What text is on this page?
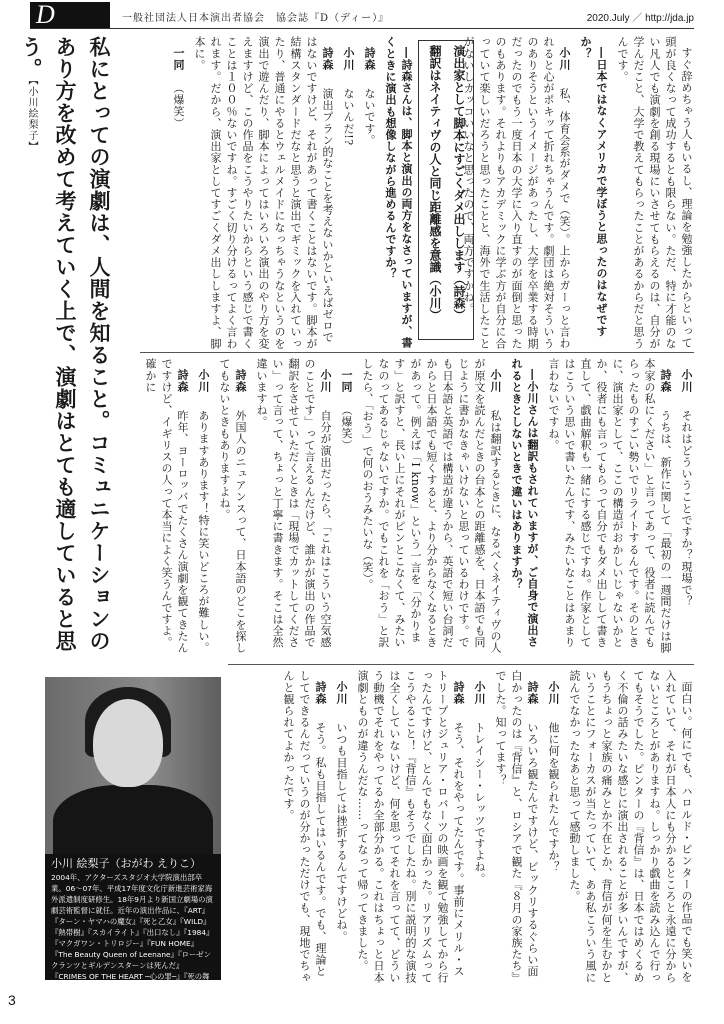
D	一般社団法人日本演出者協会　協会誌『D（ディー）』	2020.July ／ http://jda.jp

すぐ辞めちゃう人もいるし、理論を勉強したからといって頭が良くなって成功するとも限らない。ただ、特に才能のない凡人でも演劇を創る現場にいさせてもらえるのは、自分が学んだこと、大学で教えてもらったことがあるからだと思うんです。

―日本ではなくアメリカで学ぼうと思ったのはなぜですか？

小川　私、体育会系がダメで（笑）。上からガーっと言われると心がポキッて折れちゃうんです。劇団は絶対そういうのありそうというイメージがあったし、大学を卒業する時期だったのでもう一度日本の大学に入り直すのが面倒と思ったのもあります。それよりもアカデミックに学ぶ方が自分に合っていて楽しいだろうと思ったことと、海外で生活したことがないしカッコいいなと思ったので、両方ですかね。

演出家として脚本にすごくダメ出しします（詩森）
翻訳はネイティヴの人と同じ距離感を意識（小川）

―詩森さんは、脚本と演出の両方をなさっていますが、書くときに演出も想像しながら進めるんですか？

詩森　ないです。

小川　ないんだ!?

詩森　演出プラン的なことを考えないかといえばゼロではないですけど、それがあって書くことはないです。脚本が結構スタンダードだなと思うと演出でギミックを入れていったり、普通にやるとウェルメイドになっちゃうなというのを演出で遊んだり、脚本によってはいろいろ演出のやり方を変えますけど、この作品をこうやりたいからという感じで書くことは１００％ないですね。すごく切り分けるってよく言われます。だから、演出家としてすごくダメ出ししますよ、脚本に。

一同　（爆笑）

私にとっての演劇は、人間を知ること。コミュニケーションのあり方を改めて考えていく上で、演劇はとても適していると思う。【小川絵梨子】

小川　それはどういうことですか？現場で？

詩森　うちは、新作に関して「最初の一週間だけは脚本家の私にください」と言ってあって、役者に読んでもらったものすごい勢いでリライトするんです。そのときに、演出家として、ここの構造がおかしいじゃないかとか、役者にも言ってもらって自分でもダメ出しして書き直して、戯曲解釈も一緒にする感じですね。作家としてはこういう思いで書いたんです、みたいなことはあまり言わないですね。

―小川さんは翻訳もされていますが、ご自身で演出されるときとしないときで違いはありますか？

小川　私は翻訳するときに、なるべくネイティヴの人が原文を読んだときの台本との距離感を、日本語でも同じように書かなきゃいけないと思っているわけです。でも日本語と英語では構造が違うから、英語で短い台詞だからと日本語でも短くすると、より分からなくなるときがあって。例えば「I know」という一言を「分かります」と訳すと、長い上にそれがピンとこなくて、みたいなのってあるじゃないですか。でもこれを「おう」と訳したら、「おう」で何のおうみたいな（笑）。

一同　（爆笑）

小川　自分が演出だったら、「これはこういう空気感のことです」って言えるんだけど、誰かが演出の作品で翻訳をさせていただくときは「現場でカットしてください」って言って、ちょっと丁寧に書きます。そこは全然違いますね。

詩森　外国人のニュアンスって、日本語のどこを探してもないときもありますよね。

小川　ありますあります！特に笑いどころが難しい。

詩森　昨年、ヨーロッパでたくさん演劇を観てきたんですけど、イギリスの人って本当によく笑うんですよ。確かに

面白い。何にでも、ハロルド・ピンターの作品でも笑いを入れていて、それが日本人にも分かるところと永遠に分からないところとがありますね。しっかり戯曲を読み込んで行ってもそうでした。ピンターの『背信』は、日本ではめくるめく不倫の話みたいな感じに演出されることが多いんですが、もうちょっと家族の痛みとか不在とか、背信が何を生むかということにフォーカスが当たっていて、ああ私こういう風に読んでなかったなあと思って感動しました。

小川　他に何を観られたんですか？

詩森　いろいろ観たんですけど、ビックリするぐらい面白かったのは『背信』と、ロシアで観た『８月の家族たち』でした。知ってます？

小川　トレイシー・レッツですよね。

詩森　そう、それをやってたんです。事前にメリル・ストリープとジュリア・ロバーツの映画を観て勉強してから行ったんですけど、とんでもなく面白かった。リアリズムってこうやること！『背信』もそうでしたね。別に説明的な演技は全くしていないけど、何を思ってそれを言ってて、どういう動機でそれをやってるか全部分かる。これはちょっと日本演劇とものが違うんだな……ってなって帰ってきました。

小川　いつも目指しては挫折するんですけどね。

詩森　そう。私も目指してはいるんです。でも、理論としてできるんだっていうのが分かっただけでも、現地でちゃんと観られてよかったです。

小川 絵梨子（おがわ えりこ）
2004年、アクターズスタジオ大学院演出部卒業。06〜07年、平成17年度文化庁新進芸術家海外派遣制度研修生。18年9月より新国立劇場の演劇芸術監督に就任。近年の演出作品に、『ART』『ターン・ヤマハの魔女』『死と乙女』『WILD』『熱帯樹』『スカイライト』『出口なし』『1984』『マクガワン・トリロジー』『FUN HOME』『The Beauty Queen of Leenane』『ローゼンクランツとギルデンスターンは死んだ』『CRIMES OF THE HEART ─心の罪─』『死の舞踏／令嬢ジュリー』『RED』『スポケーンの左手』など。
3
